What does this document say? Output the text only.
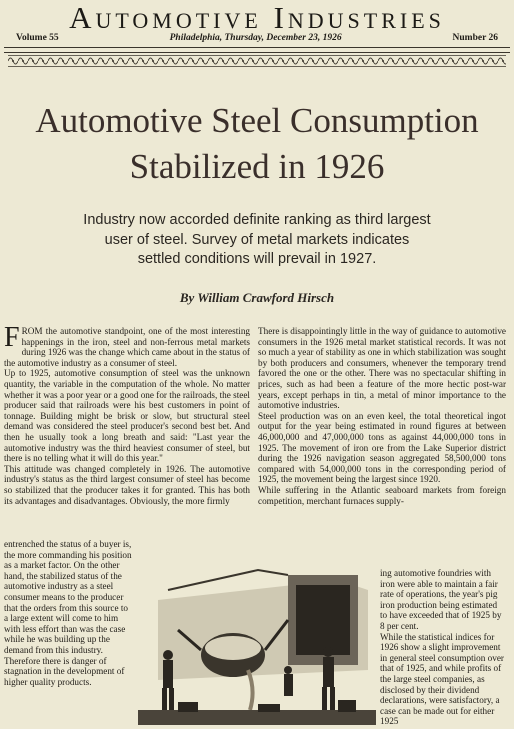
Automotive Industries
Volume 55	Philadelphia, Thursday, December 23, 1926	Number 26
Automotive Steel Consumption
Stabilized in 1926
Industry now accorded definite ranking as third largest
user of steel. Survey of metal markets indicates
settled conditions will prevail in 1927.
By William Crawford Hirsch

FROM the automotive standpoint, one of the most interesting happenings in the iron, steel and non-ferrous metal markets during 1926 was the change which came about in the status of the automotive industry as a consumer of steel.

Up to 1925, automotive consumption of steel was the unknown quantity, the variable in the computation of the whole. No matter whether it was a poor year or a good one for the railroads, the steel producer said that railroads were his best customers in point of tonnage. Building might be brisk or slow, but structural steel demand was considered the steel producer's second best bet. And then he usually took a long breath and said: "Last year the automotive industry was the third heaviest consumer of steel, but there is no telling what it will do this year."

This attitude was changed completely in 1926. The automotive industry's status as the third largest consumer of steel has become so stabilized that the producer takes it for granted. This has both its advantages and disadvantages. Obviously, the more firmly

entrenched the status of a buyer is, the more commanding his position as a market factor. On the other hand, the stabilized status of the automotive industry as a steel consumer means to the producer that the orders from this source to a large extent will come to him with less effort than was the case while he was building up the demand from this industry. Therefore there is danger of stagnation in the development of higher quality products.

There is disappointingly little in the way of guidance to automotive consumers in the 1926 metal market statistical records. It was not so much a year of stability as one in which stabilization was sought by both producers and consumers, whenever the temporary trend favored the one or the other. There was no spectacular shifting in prices, such as had been a feature of the more hectic post-war years, except perhaps in tin, a metal of minor importance to the automotive industries.

Steel production was on an even keel, the total theoretical ingot output for the year being estimated in round figures at between 46,000,000 and 47,000,000 tons as against 44,000,000 tons in 1925. The movement of iron ore from the Lake Superior district during the 1926 navigation season aggregated 58,500,000 tons compared with 54,000,000 tons in the corresponding period of 1925, the movement being the largest since 1920.

While suffering in the Atlantic seaboard markets from foreign competition, merchant furnaces supply-

ing automotive foundries with iron were able to maintain a fair rate of operations, the year's pig iron production being estimated to have exceeded that of 1925 by 8 per cent.

While the statistical indices for 1926 show a slight improvement in general steel consumption over that of 1925, and while profits of the large steel companies, as disclosed by their dividend declarations, were satisfactory, a case can be made out for either 1925
